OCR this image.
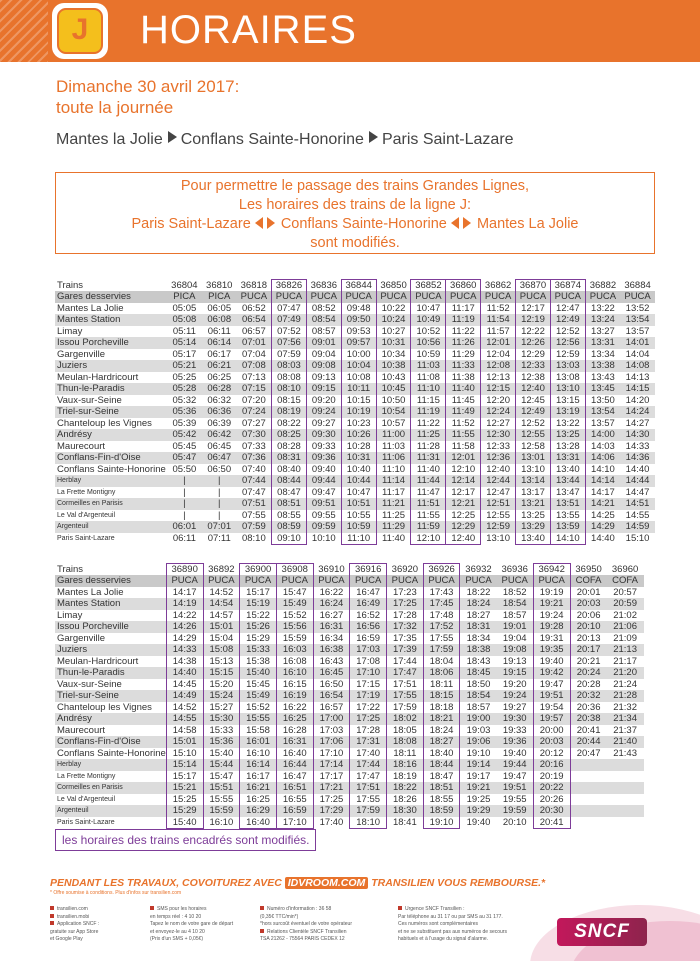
J	HORAIRES
Dimanche 30 avril 2017:
toute la journée
Mantes la Jolie Conflans Sainte-Honorine Paris Saint-Lazare
Pour permettre le passage des trains Grandes Lignes,
Les horaires des trains de la ligne J:
Paris Saint-Lazare Conflans Sainte-Honorine Mantes La Jolie
sont modifiés.
Trains	36804	36810	36818	36826	36836	36844	36850	36852	36860	36862	36870	36874	36882	36884
Gares desservies	PICA	PICA	PUCA	PUCA	PUCA	PUCA	PUCA	PUCA	PUCA	PUCA	PUCA	PUCA	PUCA	PUCA
Mantes La Jolie	05:05	06:05	06:52	07:47	08:52	09:48	10:22	10:47	11:17	11:52	12:17	12:47	13:22	13:52
Mantes Station	05:08	06:08	06:54	07:49	08:54	09:50	10:24	10:49	11:19	11:54	12:19	12:49	13:24	13:54
Limay	05:11	06:11	06:57	07:52	08:57	09:53	10:27	10:52	11:22	11:57	12:22	12:52	13:27	13:57
Issou Porcheville	05:14	06:14	07:01	07:56	09:01	09:57	10:31	10:56	11:26	12:01	12:26	12:56	13:31	14:01
Gargenville	05:17	06:17	07:04	07:59	09:04	10:00	10:34	10:59	11:29	12:04	12:29	12:59	13:34	14:04
Juziers	05:21	06:21	07:08	08:03	09:08	10:04	10:38	11:03	11:33	12:08	12:33	13:03	13:38	14:08
Meulan-Hardricourt	05:25	06:25	07:13	08:08	09:13	10:08	10:43	11:08	11:38	12:13	12:38	13:08	13:43	14:13
Thun-le-Paradis	05:28	06:28	07:15	08:10	09:15	10:11	10:45	11:10	11:40	12:15	12:40	13:10	13:45	14:15
Vaux-sur-Seine	05:32	06:32	07:20	08:15	09:20	10:15	10:50	11:15	11:45	12:20	12:45	13:15	13:50	14:20
Triel-sur-Seine	05:36	06:36	07:24	08:19	09:24	10:19	10:54	11:19	11:49	12:24	12:49	13:19	13:54	14:24
Chanteloup les Vignes	05:39	06:39	07:27	08:22	09:27	10:23	10:57	11:22	11:52	12:27	12:52	13:22	13:57	14:27
Andrésy	05:42	06:42	07:30	08:25	09:30	10:26	11:00	11:25	11:55	12:30	12:55	13:25	14:00	14:30
Maurecourt	05:45	06:45	07:33	08:28	09:33	10:28	11:03	11:28	11:58	12:33	12:58	13:28	14:03	14:33
Conflans-Fin-d'Oise	05:47	06:47	07:36	08:31	09:36	10:31	11:06	11:31	12:01	12:36	13:01	13:31	14:06	14:36
Conflans Sainte-Honorine	05:50	06:50	07:40	08:40	09:40	10:40	11:10	11:40	12:10	12:40	13:10	13:40	14:10	14:40
Herblay	|	|	07:44	08:44	09:44	10:44	11:14	11:44	12:14	12:44	13:14	13:44	14:14	14:44
La Frette Montigny	|	|	07:47	08:47	09:47	10:47	11:17	11:47	12:17	12:47	13:17	13:47	14:17	14:47
Cormeilles en Parisis	|	|	07:51	08:51	09:51	10:51	11:21	11:51	12:21	12:51	13:21	13:51	14:21	14:51
Le Val d'Argenteuil	|	|	07:55	08:55	09:55	10:55	11:25	11:55	12:25	12:55	13:25	13:55	14:25	14:55
Argenteuil	06:01	07:01	07:59	08:59	09:59	10:59	11:29	11:59	12:29	12:59	13:29	13:59	14:29	14:59
Paris Saint-Lazare	06:11	07:11	08:10	09:10	10:10	11:10	11:40	12:10	12:40	13:10	13:40	14:10	14:40	15:10
Trains	36890	36892	36900	36908	36910	36916	36920	36926	36932	36936	36942	36950	36960
Gares desservies	PUCA	PUCA	PUCA	PUCA	PUCA	PUCA	PUCA	PUCA	PUCA	PUCA	PUCA	COFA	COFA
Mantes La Jolie	14:17	14:52	15:17	15:47	16:22	16:47	17:23	17:43	18:22	18:52	19:19	20:01	20:57
Mantes Station	14:19	14:54	15:19	15:49	16:24	16:49	17:25	17:45	18:24	18:54	19:21	20:03	20:59
Limay	14:22	14:57	15:22	15:52	16:27	16:52	17:28	17:48	18:27	18:57	19:24	20:06	21:02
Issou Porcheville	14:26	15:01	15:26	15:56	16:31	16:56	17:32	17:52	18:31	19:01	19:28	20:10	21:06
Gargenville	14:29	15:04	15:29	15:59	16:34	16:59	17:35	17:55	18:34	19:04	19:31	20:13	21:09
Juziers	14:33	15:08	15:33	16:03	16:38	17:03	17:39	17:59	18:38	19:08	19:35	20:17	21:13
Meulan-Hardricourt	14:38	15:13	15:38	16:08	16:43	17:08	17:44	18:04	18:43	19:13	19:40	20:21	21:17
Thun-le-Paradis	14:40	15:15	15:40	16:10	16:45	17:10	17:47	18:06	18:45	19:15	19:42	20:24	21:20
Vaux-sur-Seine	14:45	15:20	15:45	16:15	16:50	17:15	17:51	18:11	18:50	19:20	19:47	20:28	21:24
Triel-sur-Seine	14:49	15:24	15:49	16:19	16:54	17:19	17:55	18:15	18:54	19:24	19:51	20:32	21:28
Chanteloup les Vignes	14:52	15:27	15:52	16:22	16:57	17:22	17:59	18:18	18:57	19:27	19:54	20:36	21:32
Andrésy	14:55	15:30	15:55	16:25	17:00	17:25	18:02	18:21	19:00	19:30	19:57	20:38	21:34
Maurecourt	14:58	15:33	15:58	16:28	17:03	17:28	18:05	18:24	19:03	19:33	20:00	20:41	21:37
Conflans-Fin-d'Oise	15:01	15:36	16:01	16:31	17:06	17:31	18:08	18:27	19:06	19:36	20:03	20:44	21:40
Conflans Sainte-Honorine	15:10	15:40	16:10	16:40	17:10	17:40	18:11	18:40	19:10	19:40	20:12	20:47	21:43
Herblay	15:14	15:44	16:14	16:44	17:14	17:44	18:16	18:44	19:14	19:44	20:16		
La Frette Montigny	15:17	15:47	16:17	16:47	17:17	17:47	18:19	18:47	19:17	19:47	20:19		
Cormeilles en Parisis	15:21	15:51	16:21	16:51	17:21	17:51	18:22	18:51	19:21	19:51	20:22		
Le Val d'Argenteuil	15:25	15:55	16:25	16:55	17:25	17:55	18:26	18:55	19:25	19:55	20:26		
Argenteuil	15:29	15:59	16:29	16:59	17:29	17:59	18:30	18:59	19:29	19:59	20:30		
Paris Saint-Lazare	15:40	16:10	16:40	17:10	17:40	18:10	18:41	19:10	19:40	20:10	20:41		
les horaires des trains encadrés sont modifiés.
PENDANT LES TRAVAUX, COVOITUREZ AVEC IDVROOM.COM TRANSILIEN VOUS REMBOURSE.*
* Offre soumise à conditions. Plus d'infos sur transilien.com
transilien.com
transilien.mobi
Application SNCF :
gratuite sur App Store
et Google Play
SMS pour les horaires
en temps réel : 4 10 20
Tapez le nom de votre gare de départ
et envoyez-le au 4 10 20
(Prix d'un SMS + 0,05€)
Numéro d'information : 36 58
(0,35€ TTC/min*)
*hors surcoût éventuel de votre opérateur
Relations Clientèle SNCF Transilien
TSA 21262 - 75564 PARIS CEDEX 12
Urgence SNCF Transilien :
Par téléphone au 31 17 ou par SMS au 31 177.
Ces numéros sont complémentaires
et ne se substituent pas aux numéros de secours
habituels et à l'usage du signal d'alarme.	SNCF
